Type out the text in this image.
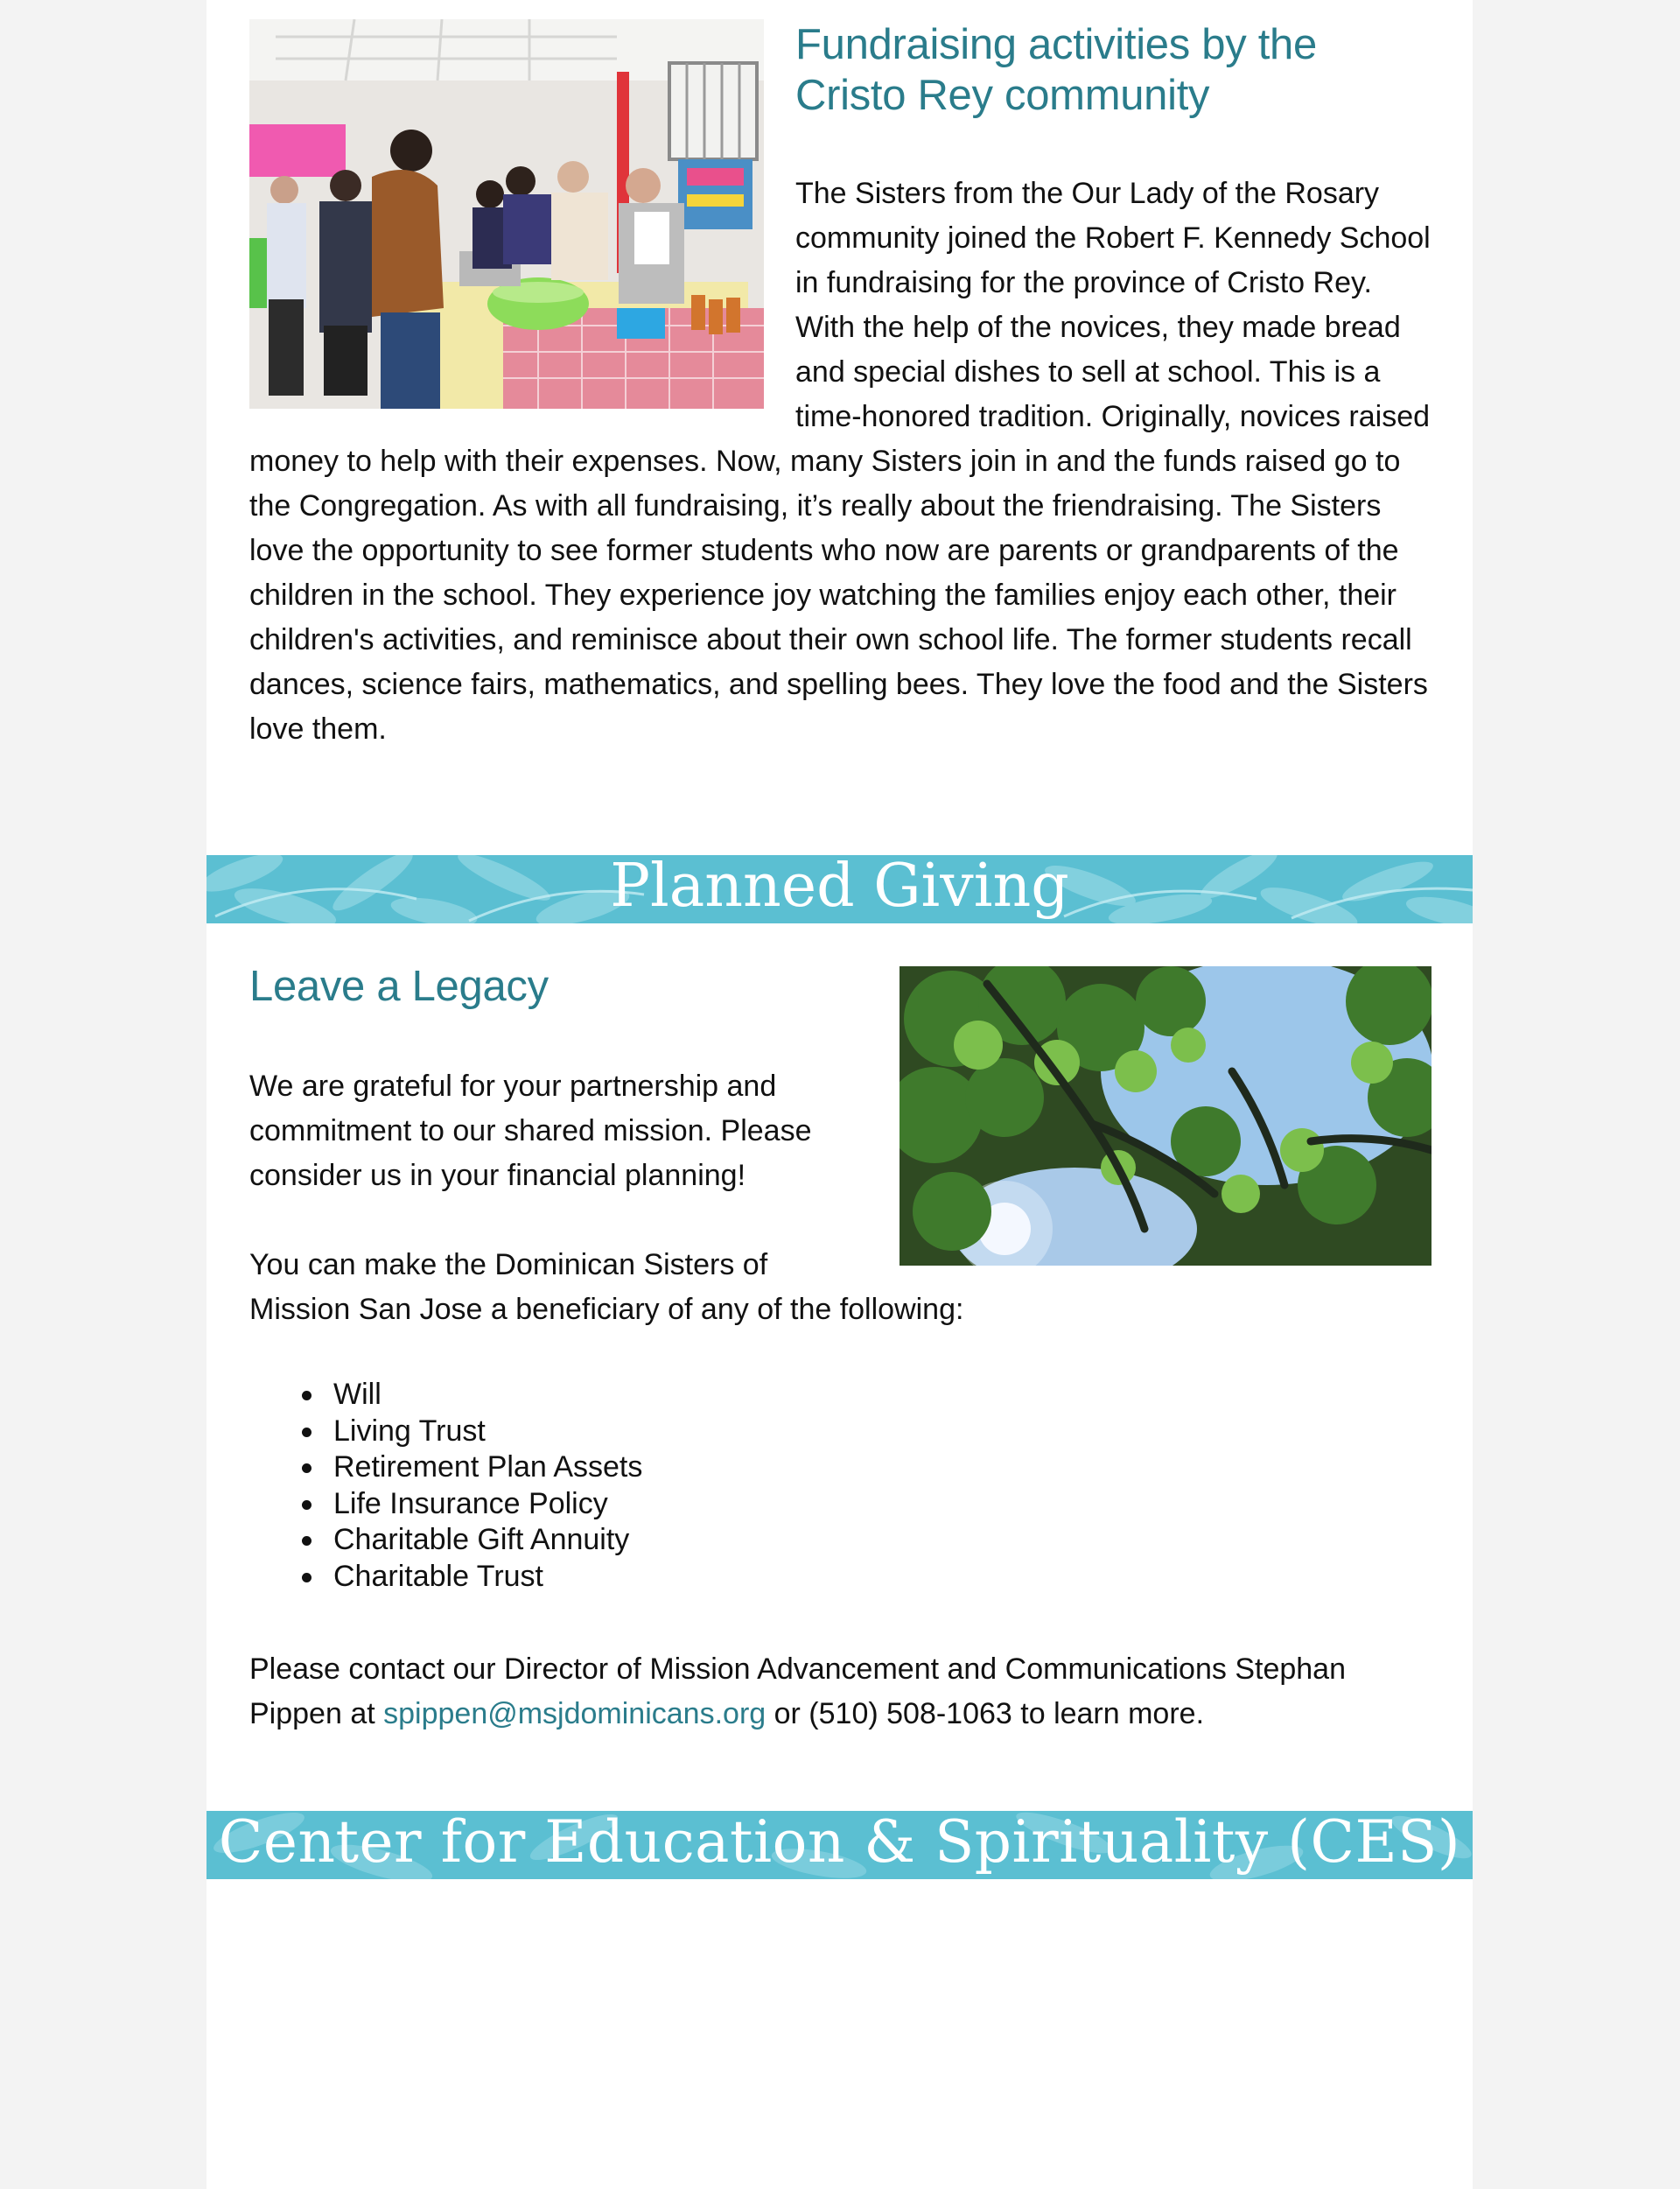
Fundraising activities by the Cristo Rey community

The Sisters from the Our Lady of the Rosary community joined the Robert F. Kennedy School in fundraising for the province of Cristo Rey. With the help of the novices, they made bread and special dishes to sell at school. This is a time-honored tradition. Originally, novices raised money to help with their expenses. Now, many Sisters join in and the funds raised go to the Congregation. As with all fundraising, it’s really about the friendraising. The Sisters love the opportunity to see former students who now are parents or grandparents of the children in the school. They experience joy watching the families enjoy each other, their children's activities, and reminisce about their own school life. The former students recall dances, science fairs, mathematics, and spelling bees. They love the food and the Sisters love them.

Planned Giving
Leave a Legacy

We are grateful for your partnership and commitment to our shared mission. Please consider us in your financial planning!

You can make the Dominican Sisters of Mission San Jose a beneficiary of any of the following:

Will
Living Trust
Retirement Plan Assets
Life Insurance Policy
Charitable Gift Annuity
Charitable Trust

Please contact our Director of Mission Advancement and Communications Stephan Pippen at spippen@msjdominicans.org or (510) 508-1063 to learn more.

Center for Education & Spirituality (CES)
